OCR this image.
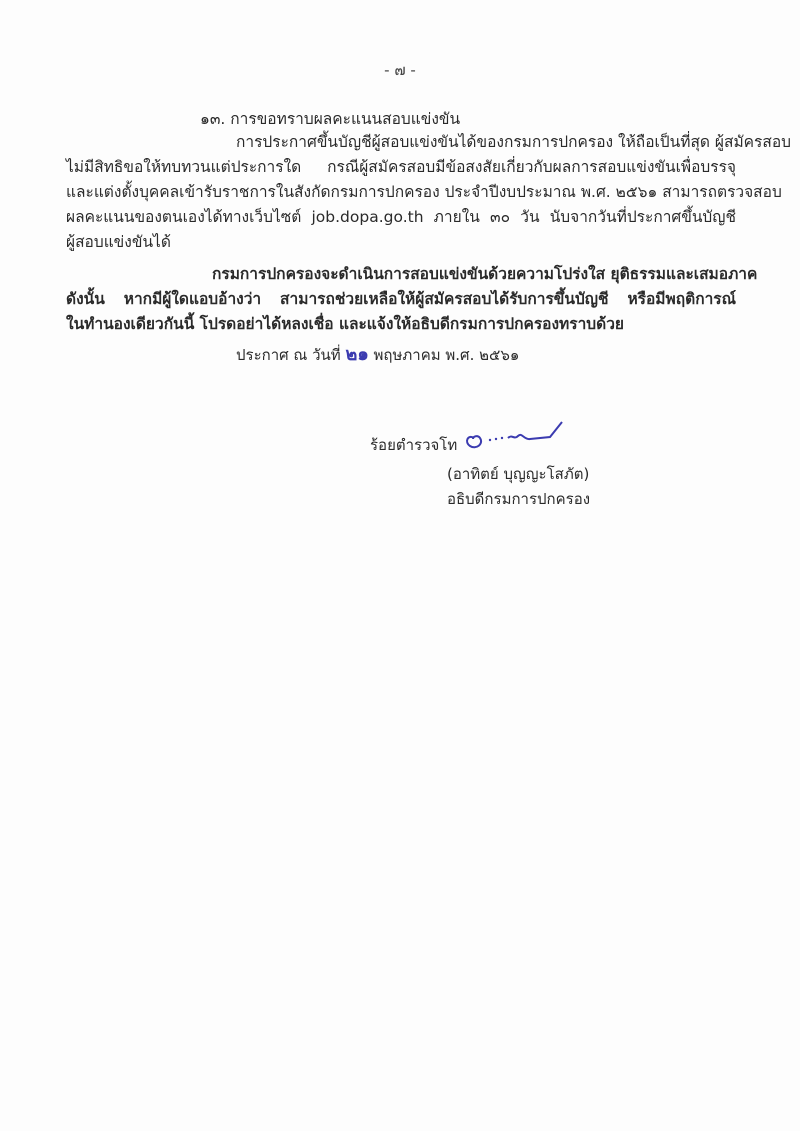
- ๗ -
๑๓. การขอทราบผลคะแนนสอบแข่งขัน
การประกาศขึ้นบัญชีผู้สอบแข่งขันได้ของกรมการปกครอง ให้ถือเป็นที่สุด ผู้สมัครสอบ
ไม่มีสิทธิขอให้ทบทวนแต่ประการใด กรณีผู้สมัครสอบมีข้อสงสัยเกี่ยวกับผลการสอบแข่งขันเพื่อบรรจุ
และแต่งตั้งบุคคลเข้ารับราชการในสังกัดกรมการปกครอง ประจำปีงบประมาณ พ.ศ. ๒๕๖๑ สามารถตรวจสอบ
ผลคะแนนของตนเองได้ทางเว็บไซต์ job.dopa.go.th ภายใน ๓๐ วัน นับจากวันที่ประกาศขึ้นบัญชี
ผู้สอบแข่งขันได้
กรมการปกครองจะดำเนินการสอบแข่งขันด้วยความโปร่งใส ยุติธรรมและเสมอภาค
ดังนั้น หากมีผู้ใดแอบอ้างว่า สามารถช่วยเหลือให้ผู้สมัครสอบได้รับการขึ้นบัญชี หรือมีพฤติการณ์
ในทำนองเดียวกันนี้ โปรดอย่าได้หลงเชื่อ และแจ้งให้อธิบดีกรมการปกครองทราบด้วย
ประกาศ ณ วันที่ ๒๑ พฤษภาคม พ.ศ. ๒๕๖๑
ร้อยตำรวจโท
(อาทิตย์ บุญญะโสภัต)
อธิบดีกรมการปกครอง
